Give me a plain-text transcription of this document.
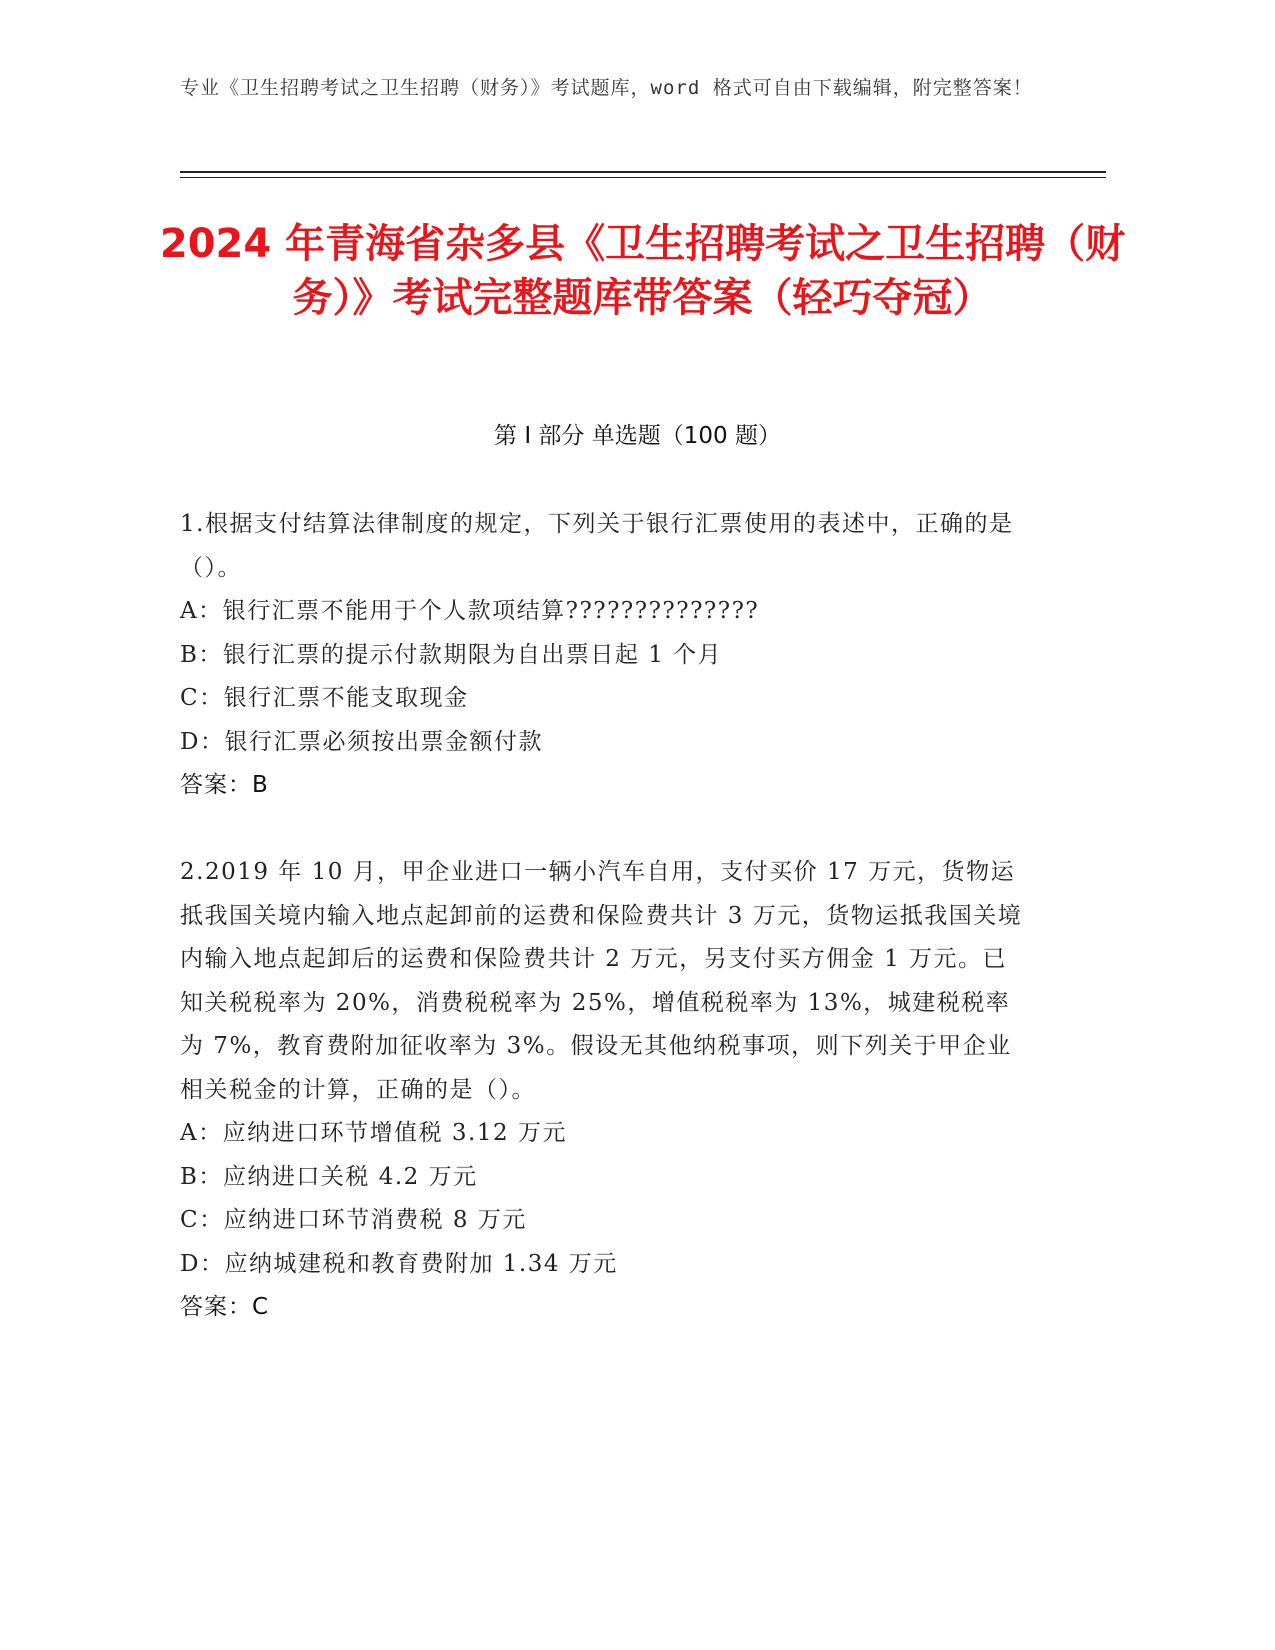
专业《卫生招聘考试之卫生招聘（财务）》考试题库，word 格式可自由下载编辑，附完整答案！
2024 年青海省杂多县《卫生招聘考试之卫生招聘（财务）》考试完整题库带答案（轻巧夺冠）
第 I 部分 单选题（100 题）

1.根据支付结算法律制度的规定，下列关于银行汇票使用的表述中，正确的是（）。

A：银行汇票不能用于个人款项结算??????????????

B：银行汇票的提示付款期限为自出票日起 1 个月

C：银行汇票不能支取现金

D：银行汇票必须按出票金额付款

答案：B

2.2019 年 10 月，甲企业进口一辆小汽车自用，支付买价 17 万元，货物运抵我国关境内输入地点起卸前的运费和保险费共计 3 万元，货物运抵我国关境内输入地点起卸后的运费和保险费共计 2 万元，另支付买方佣金 1 万元。已知关税税率为 20%，消费税税率为 25%，增值税税率为 13%，城建税税率为 7%，教育费附加征收率为 3%。假设无其他纳税事项，则下列关于甲企业相关税金的计算，正确的是（）。

A：应纳进口环节增值税 3.12 万元

B：应纳进口关税 4.2 万元

C：应纳进口环节消费税 8 万元

D：应纳城建税和教育费附加 1.34 万元

答案：C
